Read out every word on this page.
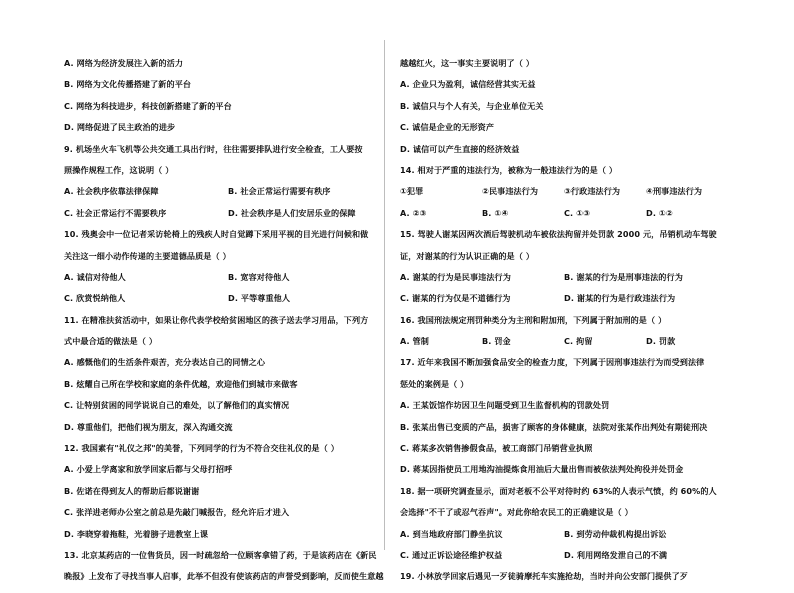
A. 网络为经济发展注入新的活力
B. 网络为文化传播搭建了新的平台
C. 网络为科技进步，科技创新搭建了新的平台
D. 网络促进了民主政治的进步
9. 机场坐火车飞机等公共交通工具出行时，往往需要排队进行安全检查，工人要按
照操作规程工作，这说明（ ）
A. 社会秩序依靠法律保障	B. 社会正常运行需要有秩序
C. 社会正常运行不需要秩序	D. 社会秩序是人们安居乐业的保障
10. 残奥会中一位记者采访轮椅上的残疾人时自觉蹲下采用平视的目光进行问候和做
关注这一细小动作传递的主要道德品质是（ ）
A. 诚信对待他人	B. 宽容对待他人
C. 欣赏悦纳他人	D. 平等尊重他人
11. 在精准扶贫活动中，如果让你代表学校给贫困地区的孩子送去学习用品，下列方
式中最合适的做法是（ ）
A. 感慨他们的生活条件艰苦，充分表达自己的同情之心
B. 炫耀自己所在学校和家庭的条件优越，欢迎他们到城市来做客
C. 让特别贫困的同学说说自己的难处，以了解他们的真实情况
D. 尊重他们，把他们视为朋友，深入沟通交流
12. 我国素有"礼仪之邦"的美誉，下列同学的行为不符合交往礼仪的是（ ）
A. 小爱上学离家和放学回家后都与父母打招呼
B. 佐诺在得到友人的帮助后都说谢谢
C. 张洋进老师办公室之前总是先敲门喊报告，经允许后才进入
D. 李晓穿着拖鞋，光着膀子进教室上课
13. 北京某药店的一位售货员，因一时疏忽给一位顾客拿错了药，于是该药店在《新民
晚报》上发布了寻找当事人启事，此举不但没有使该药店的声誉受到影响，反而使生意越
越越红火，这一事实主要说明了（ ）
A. 企业只为盈利，诚信经营其实无益
B. 诚信只与个人有关，与企业单位无关
C. 诚信是企业的无形资产
D. 诚信可以产生直接的经济效益
14. 相对于严重的违法行为，被称为一般违法行为的是（ ）
①犯罪	②民事违法行为	③行政违法行为	④刑事违法行为
A. ②③	B. ①④	C. ①③	D. ①②
15. 驾驶人谢某因两次酒后驾驶机动车被依法拘留并处罚款 2000 元，吊销机动车驾驶
证，对谢某的行为认识正确的是（ ）
A. 谢某的行为是民事违法行为	B. 谢某的行为是刑事违法的行为
C. 谢某的行为仅是不道德行为	D. 谢某的行为是行政违法行为
16. 我国刑法规定刑罚种类分为主刑和附加刑，下列属于附加刑的是（ ）
A. 管制	B. 罚金	C. 拘留	D. 罚款
17. 近年来我国不断加强食品安全的检查力度，下列属于因刑事违法行为而受到法律
惩处的案例是（ ）
A. 王某饭馆作坊因卫生问题受到卫生监督机构的罚款处罚
B. 张某出售已变质的产品，损害了顾客的身体健康，法院对张某作出判处有期徒刑决
C. 蒋某多次销售掺假食品，被工商部门吊销营业执照
D. 蒋某因指使员工用地沟油提炼食用油后大量出售而被依法判处拘役并处罚金
18. 据一项研究调查显示，面对老板不公平对待时约 63%的人表示气愤，约 60%的人
会选择"不干了或忍气吞声"。对此你给农民工的正确建议是（ ）
A. 到当地政府部门静坐抗议	B. 到劳动仲裁机构提出诉讼
C. 通过正诉讼途径维护权益	D. 利用网络发泄自己的不满
19. 小林放学回家后遇见一歹徒骑摩托车实施抢劫，当时并向公安部门提供了歹
